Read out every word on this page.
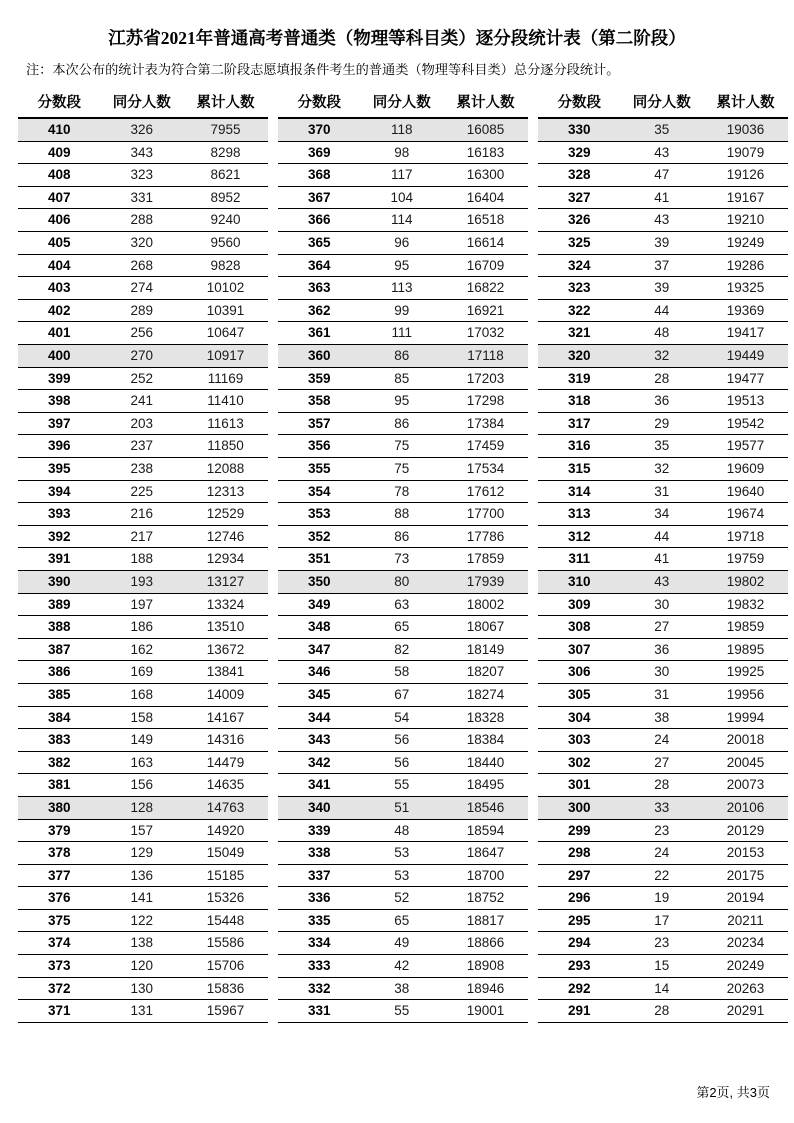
江苏省2021年普通高考普通类（物理等科目类）逐分段统计表（第二阶段）
注：本次公布的统计表为符合第二阶段志愿填报条件考生的普通类（物理等科目类）总分逐分段统计。
分数段	同分人数	累计人数
410	326	7955
409	343	8298
408	323	8621
407	331	8952
406	288	9240
405	320	9560
404	268	9828
403	274	10102
402	289	10391
401	256	10647
400	270	10917
399	252	11169
398	241	11410
397	203	11613
396	237	11850
395	238	12088
394	225	12313
393	216	12529
392	217	12746
391	188	12934
390	193	13127
389	197	13324
388	186	13510
387	162	13672
386	169	13841
385	168	14009
384	158	14167
383	149	14316
382	163	14479
381	156	14635
380	128	14763
379	157	14920
378	129	15049
377	136	15185
376	141	15326
375	122	15448
374	138	15586
373	120	15706
372	130	15836
371	131	15967
分数段	同分人数	累计人数
370	118	16085
369	98	16183
368	117	16300
367	104	16404
366	114	16518
365	96	16614
364	95	16709
363	113	16822
362	99	16921
361	111	17032
360	86	17118
359	85	17203
358	95	17298
357	86	17384
356	75	17459
355	75	17534
354	78	17612
353	88	17700
352	86	17786
351	73	17859
350	80	17939
349	63	18002
348	65	18067
347	82	18149
346	58	18207
345	67	18274
344	54	18328
343	56	18384
342	56	18440
341	55	18495
340	51	18546
339	48	18594
338	53	18647
337	53	18700
336	52	18752
335	65	18817
334	49	18866
333	42	18908
332	38	18946
331	55	19001
分数段	同分人数	累计人数
330	35	19036
329	43	19079
328	47	19126
327	41	19167
326	43	19210
325	39	19249
324	37	19286
323	39	19325
322	44	19369
321	48	19417
320	32	19449
319	28	19477
318	36	19513
317	29	19542
316	35	19577
315	32	19609
314	31	19640
313	34	19674
312	44	19718
311	41	19759
310	43	19802
309	30	19832
308	27	19859
307	36	19895
306	30	19925
305	31	19956
304	38	19994
303	24	20018
302	27	20045
301	28	20073
300	33	20106
299	23	20129
298	24	20153
297	22	20175
296	19	20194
295	17	20211
294	23	20234
293	15	20249
292	14	20263
291	28	20291
第2页, 共3页
